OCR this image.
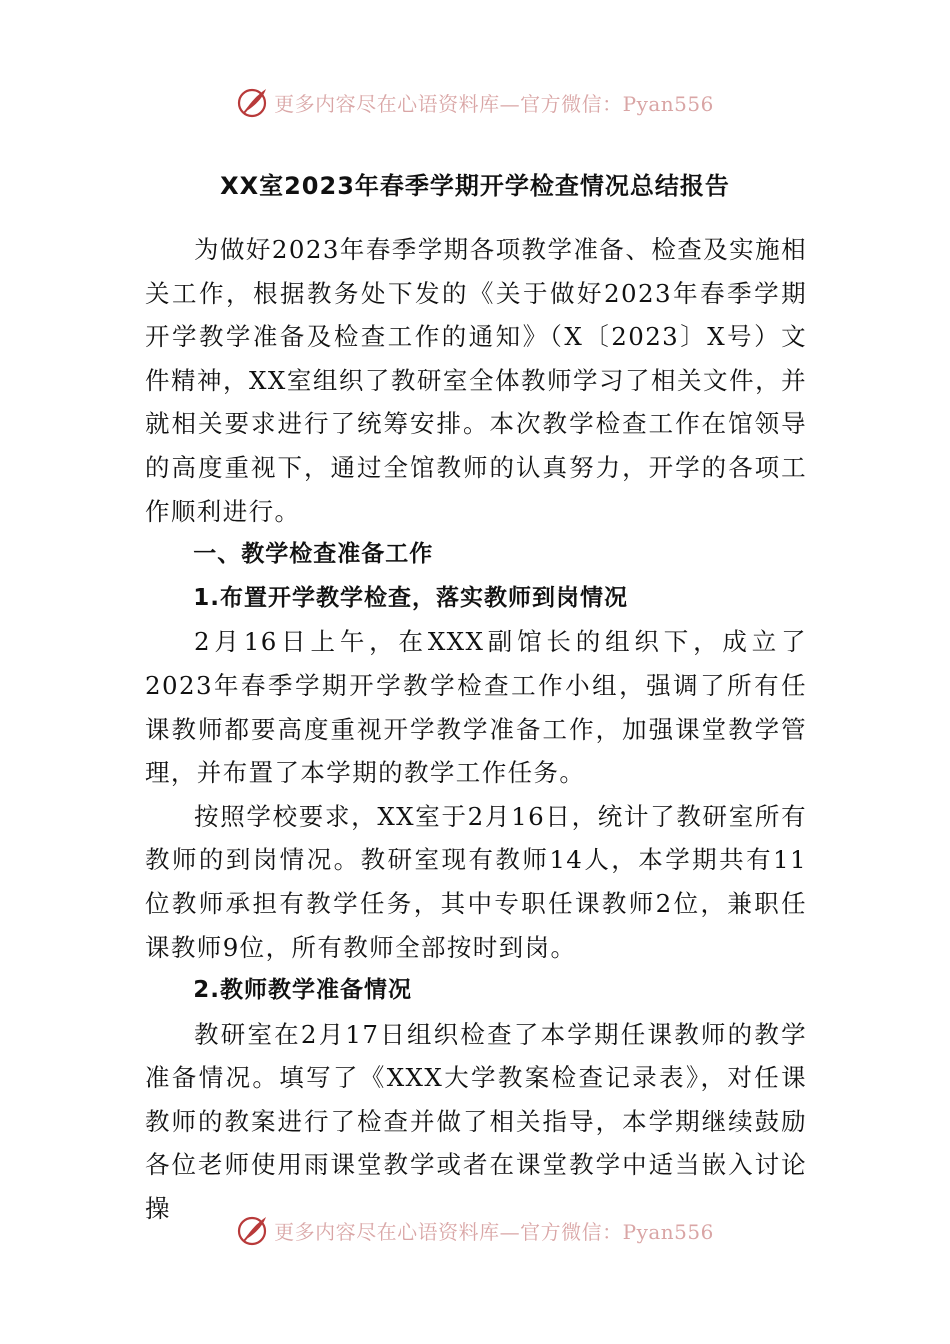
更多内容尽在心语资料库—官方微信：Pyan556
XX室2023年春季学期开学检查情况总结报告

为做好2023年春季学期各项教学准备、检查及实施相关工作，根据教务处下发的《关于做好2023年春季学期开学教学准备及检查工作的通知》（X〔2023〕X号）文件精神，XX室组织了教研室全体教师学习了相关文件，并就相关要求进行了统筹安排。本次教学检查工作在馆领导的高度重视下，通过全馆教师的认真努力，开学的各项工作顺利进行。

一、教学检查准备工作

1.布置开学教学检查，落实教师到岗情况

2月16日上午，在XXX副馆长的组织下，成立了2023年春季学期开学教学检查工作小组，强调了所有任课教师都要高度重视开学教学准备工作，加强课堂教学管理，并布置了本学期的教学工作任务。

按照学校要求，XX室于2月16日，统计了教研室所有教师的到岗情况。教研室现有教师14人，本学期共有11位教师承担有教学任务，其中专职任课教师2位，兼职任课教师9位，所有教师全部按时到岗。

2.教师教学准备情况

教研室在2月17日组织检查了本学期任课教师的教学准备情况。填写了《XXX大学教案检查记录表》，对任课教师的教案进行了检查并做了相关指导，本学期继续鼓励各位老师使用雨课堂教学或者在课堂教学中适当嵌入讨论操

更多内容尽在心语资料库—官方微信：Pyan556
